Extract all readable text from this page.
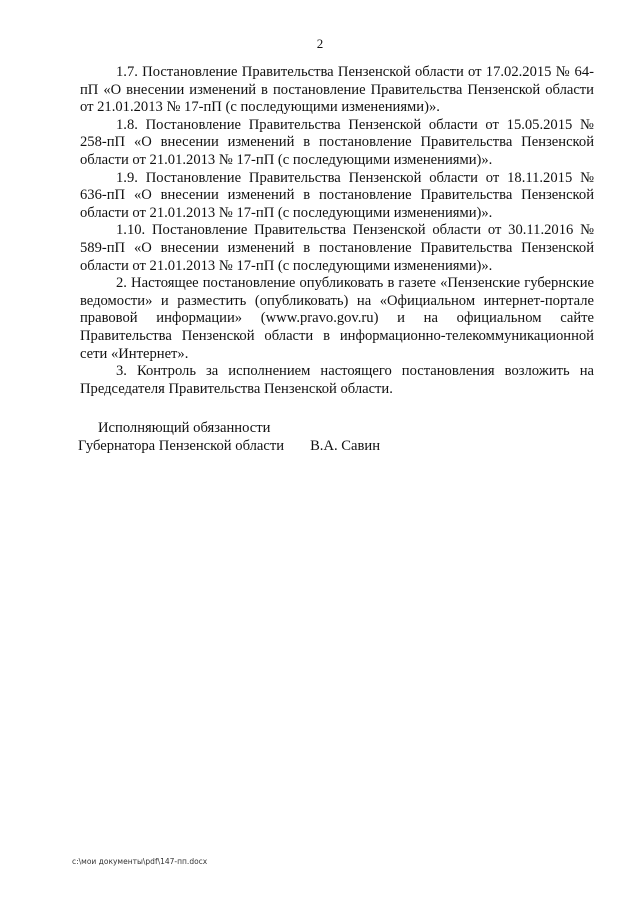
2

1.7. Постановление Правительства Пензенской области от 17.02.2015 № 64-пП «О внесении изменений в постановление Правительства Пензенской области от 21.01.2013 № 17-пП (с последующими изменениями)».

1.8. Постановление Правительства Пензенской области от 15.05.2015 № 258-пП «О внесении изменений в постановление Правительства Пензенской области от 21.01.2013 № 17-пП (с последующими изменениями)».

1.9. Постановление Правительства Пензенской области от 18.11.2015 № 636-пП «О внесении изменений в постановление Правительства Пензенской области от 21.01.2013 № 17-пП (с последующими изменениями)».

1.10. Постановление Правительства Пензенской области от 30.11.2016 № 589-пП «О внесении изменений в постановление Правительства Пензенской области от 21.01.2013 № 17-пП (с последующими изменениями)».

2. Настоящее постановление опубликовать в газете «Пензенские губернские ведомости» и разместить (опубликовать) на «Официальном интернет-портале правовой информации» (www.pravo.gov.ru) и на официальном сайте Правительства Пензенской области в информационно-телекоммуникационной сети «Интернет».

3. Контроль за исполнением настоящего постановления возложить на Председателя Правительства Пензенской области.

Исполняющий обязанности
Губернатора Пензенской области В.А. Савин
c:\мои документы\pdf\147-пп.docx
